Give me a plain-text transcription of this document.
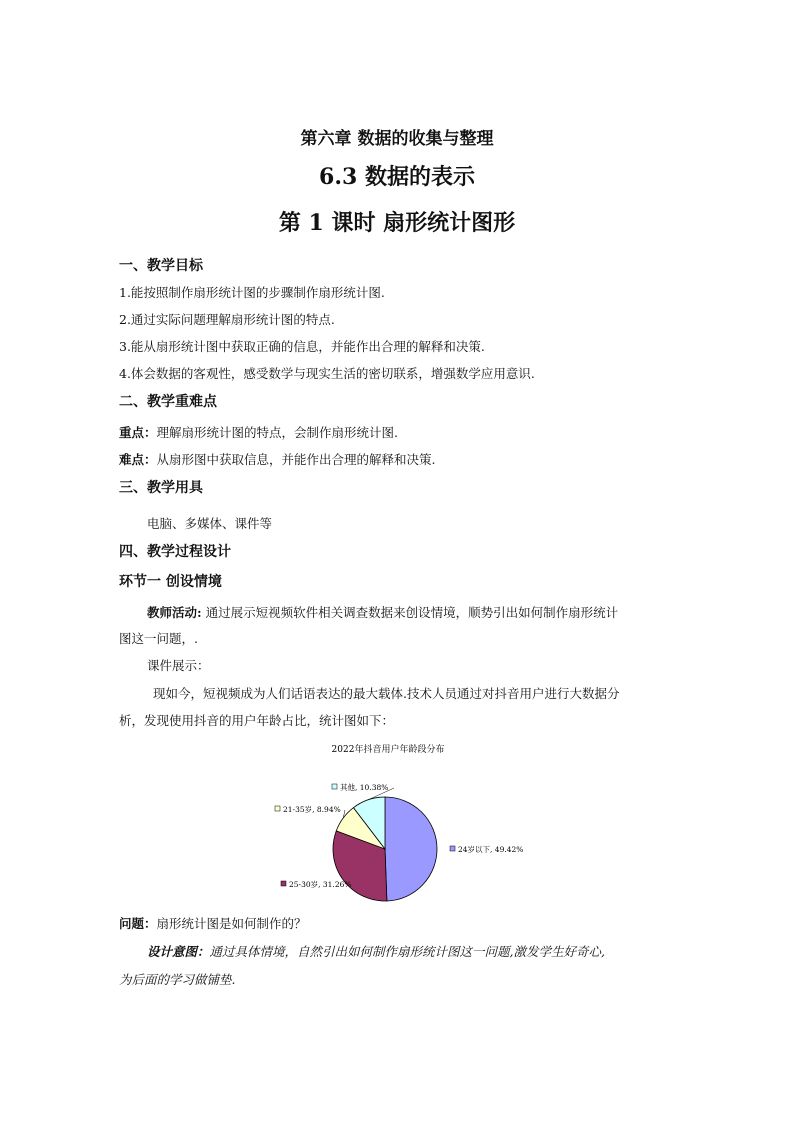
第六章 数据的收集与整理
6.3 数据的表示
第 1 课时 扇形统计图形
一、教学目标
1.能按照制作扇形统计图的步骤制作扇形统计图.
2.通过实际问题理解扇形统计图的特点.
3.能从扇形统计图中获取正确的信息，并能作出合理的解释和决策.
4.体会数据的客观性，感受数学与现实生活的密切联系，增强数学应用意识.
二、教学重难点
重点：理解扇形统计图的特点，会制作扇形统计图.
难点：从扇形图中获取信息，并能作出合理的解释和决策.
三、教学用具
电脑、多媒体、课件等
四、教学过程设计
环节一 创设情境
教师活动: 通过展示短视频软件相关调查数据来创设情境，顺势引出如何制作扇形统计
图这一问题，.
课件展示：
现如今，短视频成为人们话语表达的最大载体.技术人员通过对抖音用户进行大数据分
析，发现使用抖音的用户年龄占比，统计图如下：
2022年抖音用户年龄段分布
24岁以下, 49.42%
25-30岁, 31.26%
21-35岁, 8.94%
其他, 10.38%
问题：扇形统计图是如何制作的？
设计意图：通过具体情境，自然引出如何制作扇形统计图这一问题,激发学生好奇心,
为后面的学习做铺垫.
